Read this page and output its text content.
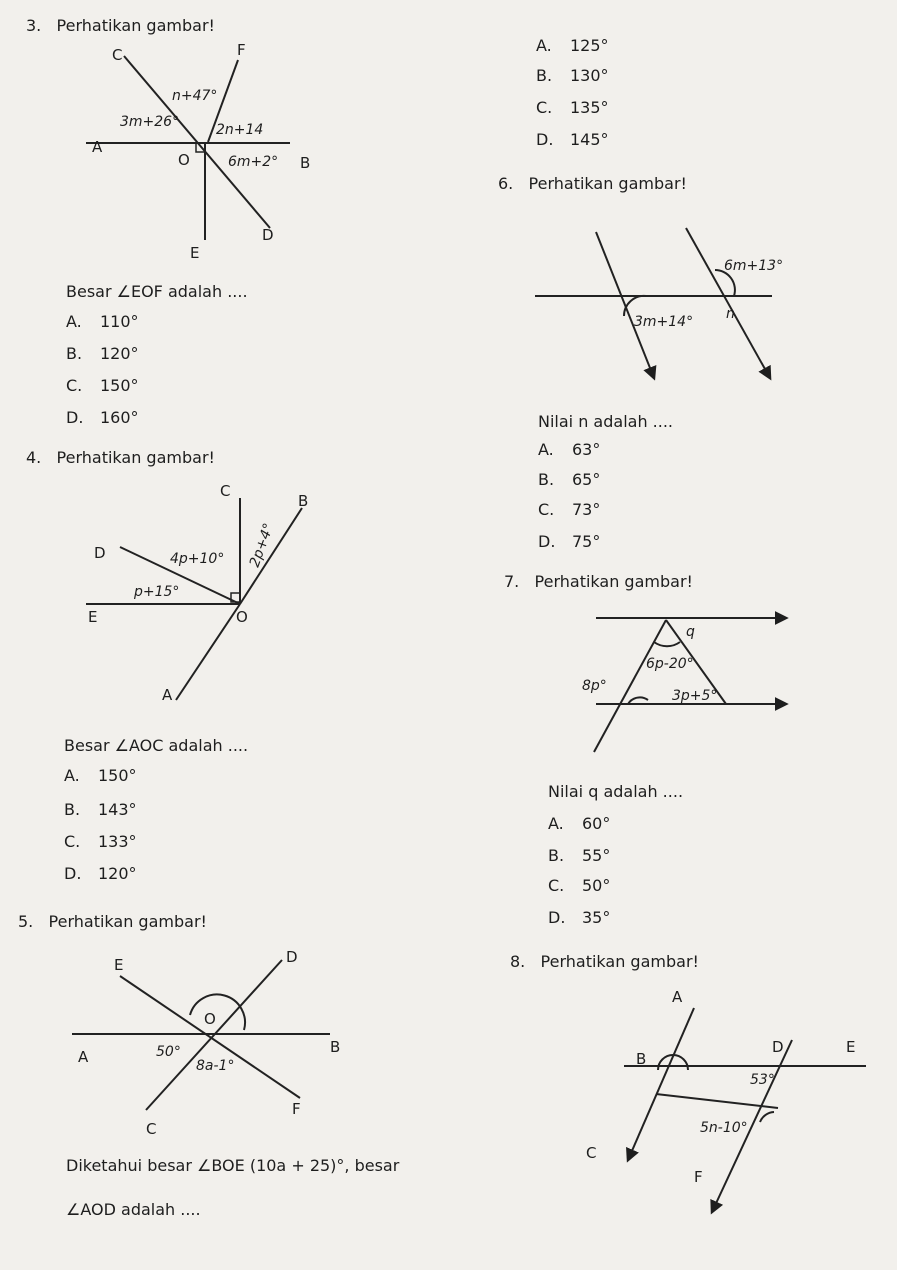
C	F
A
O	B
E
D
n+47°
3m+26°	2n+14
6m+2°
C
B
D
E	O
A
4p+10° 2p+4°
p+15°
E	D
O
A
B
C
F
50°
8a-1°
6m+13°
n
3m+14°
q
6p-20°
8p°
3p+5°
A
B
D	E
C
F
53°
5n-10°
3. Perhatikan gambar!
Besar ∠EOF adalah ....
A. 110°
B. 120°
C. 150°
D. 160°
4. Perhatikan gambar!
Besar ∠AOC adalah ....
A. 150°
B. 143°
C. 133°
D. 120°
5. Perhatikan gambar!
Diketahui besar ∠BOE (10a + 25)°, besar
∠AOD adalah ....
A. 125°
B. 130°
C. 135°
D. 145°
6. Perhatikan gambar!
Nilai n adalah ....
A. 63°
B. 65°
C. 73°
D. 75°
7. Perhatikan gambar!
Nilai q adalah ....
A. 60°
B. 55°
C. 50°
D. 35°
8. Perhatikan gambar!
